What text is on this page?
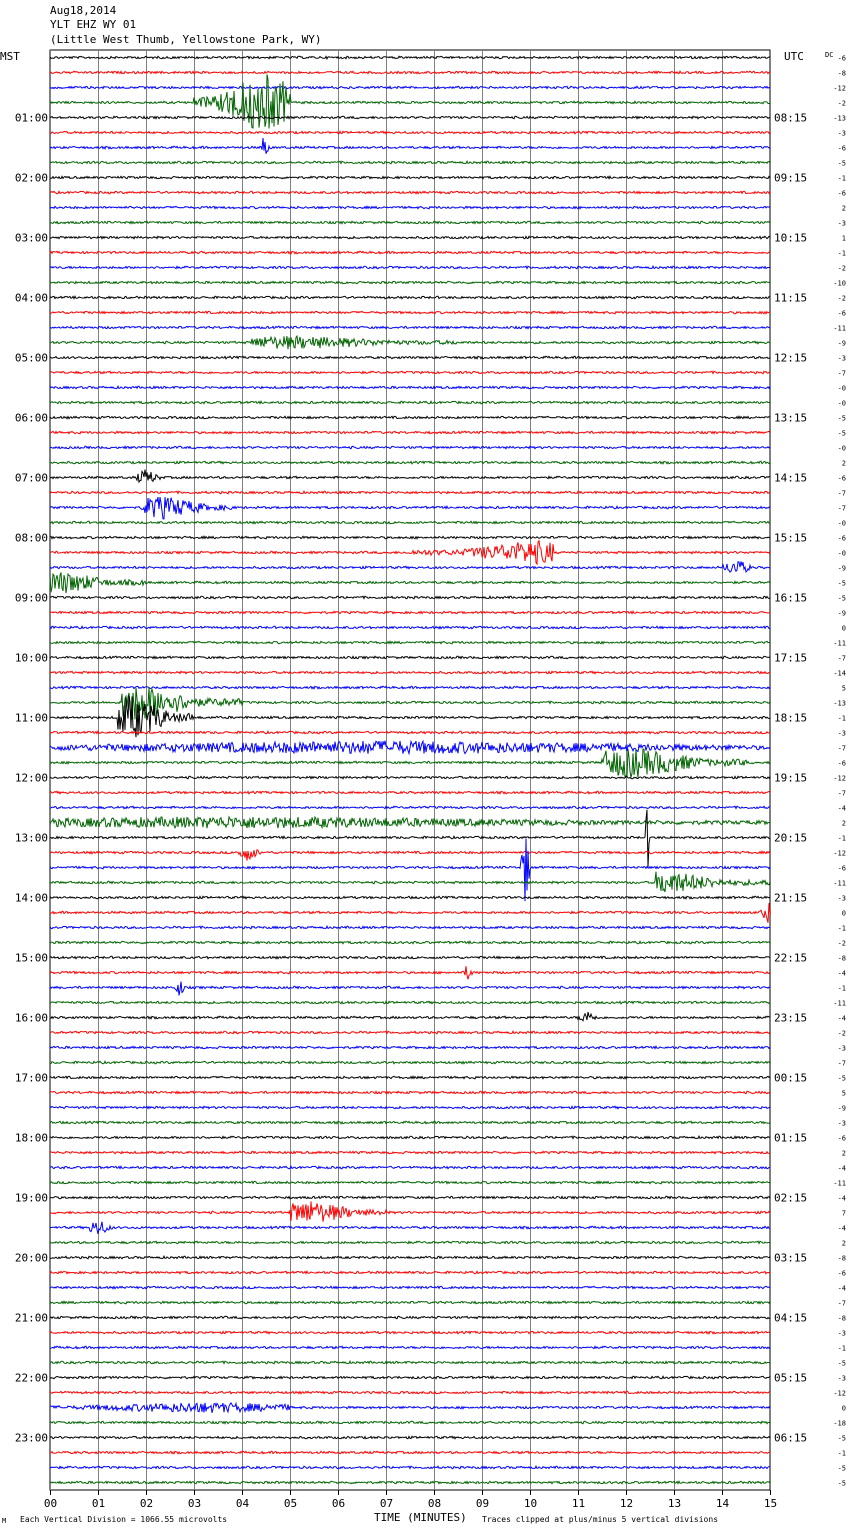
Aug18,2014
YLT EHZ WY 01
(Little West Thumb, Yellowstone Park, WY)
MST	UTC	DC
00	01	02	03	04	05	06	07	08	09	10	11	12	13	14	15
-6
-8
-12
-2
-13
-3
-6
-5
-1
-6
2
-3
1
-1
-2
-10
-2
-6
-11
-9
-3
-7
-0
-0
-5
-5
-0
2
-6
-7
-7
-0
-6
-0
-9
-5
-5
-9
0
-11
-7
-14
5
-13
-1
-3
-7
-6
-12
-7
-4
2
-1
-12
-6
-11
-3
0
-1
-2
-8
-4
-1
-11
-4
-2
-3
-7
-5
5
-9
-3
-6
2
-4
-11
-4
7
-4
2
-8
-6
-4
-7
-8
-3
-1
-5
-3
-12
0
-18
-5
-1
-5
-5
01:00
02:00
03:00
04:00
05:00
06:00
07:00
08:00
09:00
10:00
11:00
12:00
13:00
14:00
15:00
16:00
17:00
18:00
19:00
20:00
21:00
22:00
23:00
08:15
09:15
10:15
11:15
12:15
13:15
14:15
15:15
16:15
17:15
18:15
19:15
20:15
21:15
22:15
23:15
00:15
01:15
02:15
03:15
04:15
05:15
06:15
M Each Vertical Division = 1066.55 microvolts	TIME (MINUTES) Traces clipped at plus/minus 5 vertical divisions
